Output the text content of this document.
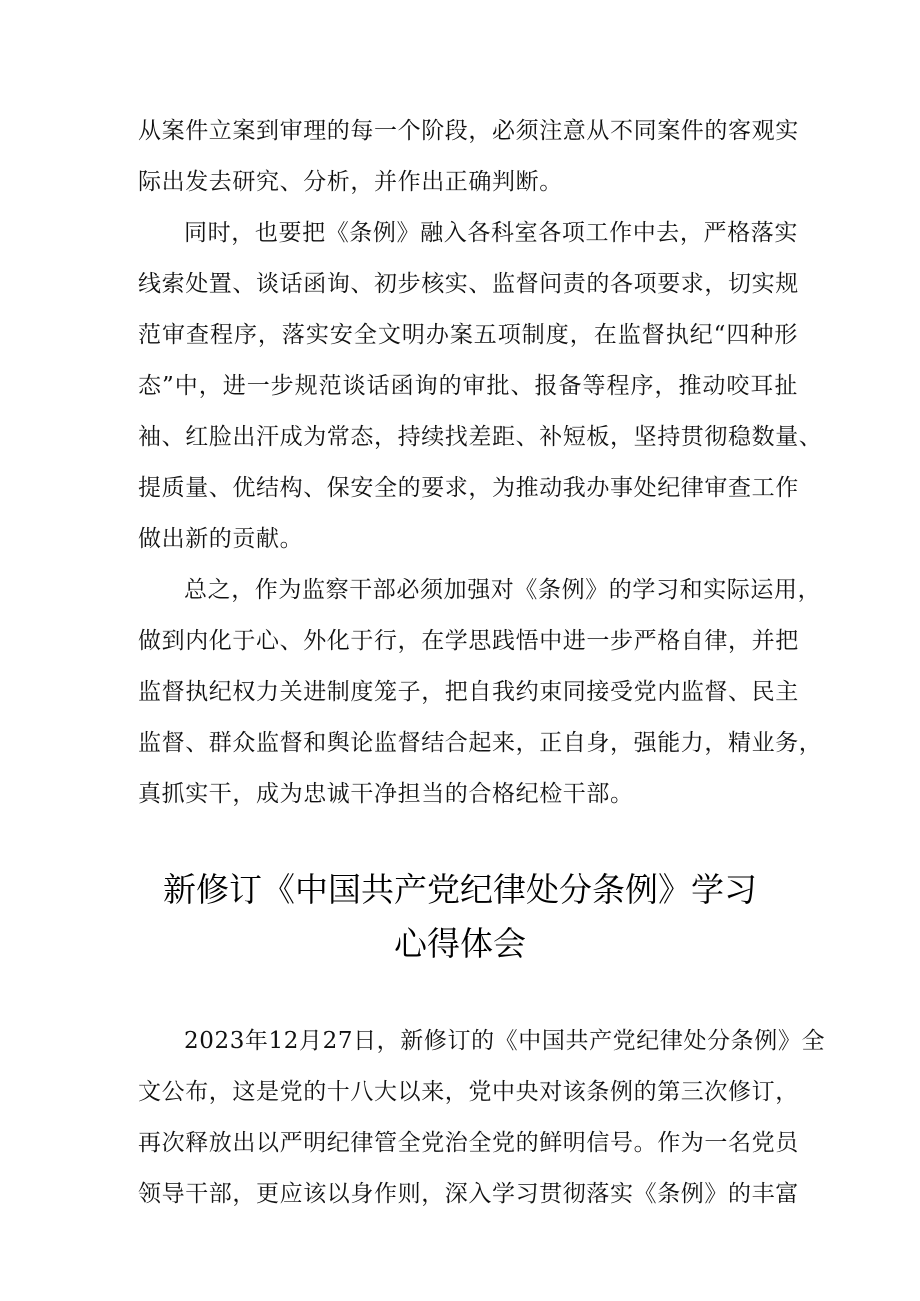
从案件立案到审理的每一个阶段，必须注意从不同案件的客观实
际出发去研究、分析，并作出正确判断。
同时，也要把《条例》融入各科室各项工作中去，严格落实
线索处置、谈话函询、初步核实、监督问责的各项要求，切实规
范审查程序，落实安全文明办案五项制度，在监督执纪“四种形
态”中，进一步规范谈话函询的审批、报备等程序，推动咬耳扯
袖、红脸出汗成为常态，持续找差距、补短板，坚持贯彻稳数量、
提质量、优结构、保安全的要求，为推动我办事处纪律审查工作
做出新的贡献。
总之，作为监察干部必须加强对《条例》的学习和实际运用，
做到内化于心、外化于行，在学思践悟中进一步严格自律，并把
监督执纪权力关进制度笼子，把自我约束同接受党内监督、民主
监督、群众监督和舆论监督结合起来，正自身，强能力，精业务，
真抓实干，成为忠诚干净担当的合格纪检干部。
新修订《中国共产党纪律处分条例》学习
心得体会
2023年12月27日，新修订的《中国共产党纪律处分条例》全
文公布，这是党的十八大以来，党中央对该条例的第三次修订，
再次释放出以严明纪律管全党治全党的鲜明信号。作为一名党员
领导干部，更应该以身作则，深入学习贯彻落实《条例》的丰富
